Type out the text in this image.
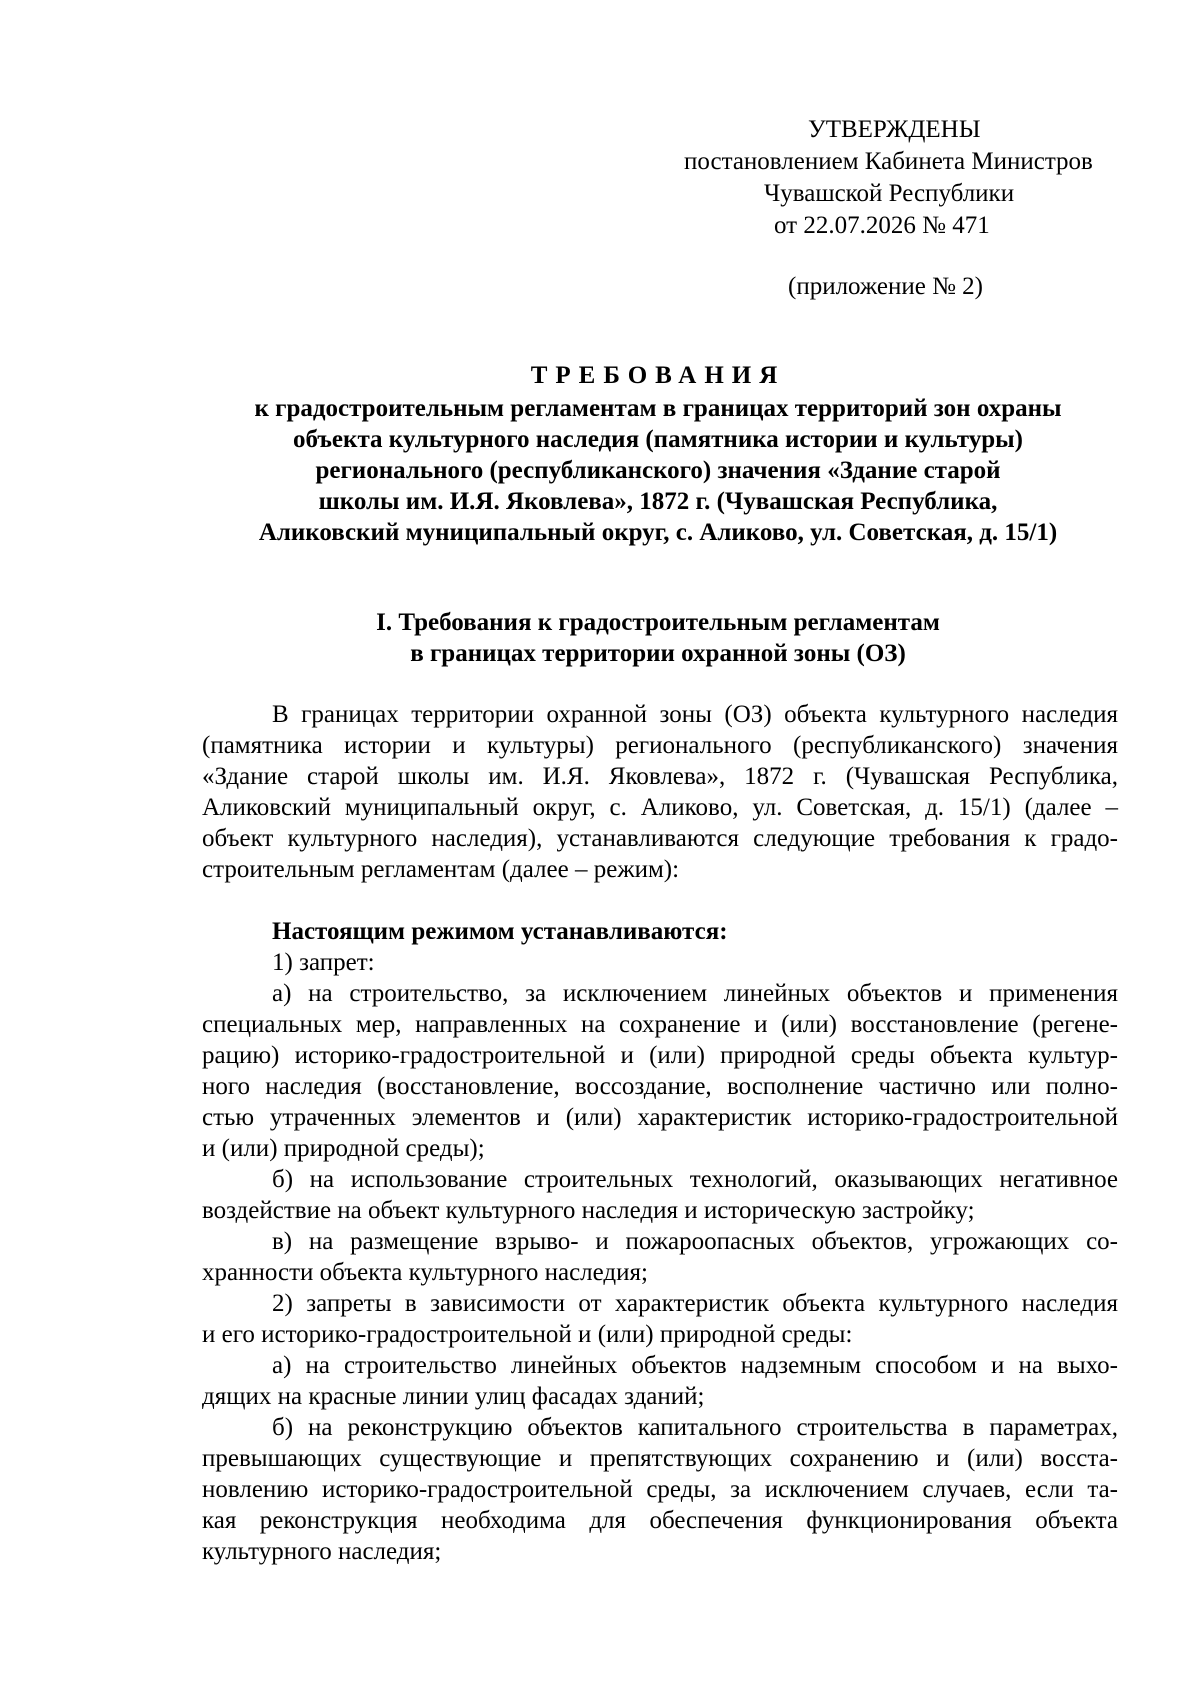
УТВЕРЖДЕНЫ
постановлением Кабинета Министров
Чувашской Республики
от 22.07.2026 № 471
(приложение № 2)
ТРЕБОВАНИЯ
к градостроительным регламентам в границах территорий зон охраны
объекта культурного наследия (памятника истории и культуры)
регионального (республиканского) значения «Здание старой
школы им. И.Я. Яковлева», 1872 г. (Чувашская Республика,
Аликовский муниципальный округ, с. Аликово, ул. Советская, д. 15/1)
I. Требования к градостроительным регламентам
в границах территории охранной зоны (ОЗ)
В границах территории охранной зоны (ОЗ) объекта культурного наследия
(памятника истории и культуры) регионального (республиканского) значения
«Здание старой школы им. И.Я. Яковлева», 1872 г. (Чувашская Республика,
Аликовский муниципальный округ, с. Аликово, ул. Советская, д. 15/1) (далее –
объект культурного наследия), устанавливаются следующие требования к градо-
строительным регламентам (далее – режим):
Настоящим режимом устанавливаются:
1) запрет:
а) на строительство, за исключением линейных объектов и применения
специальных мер, направленных на сохранение и (или) восстановление (регене-
рацию) историко-градостроительной и (или) природной среды объекта культур-
ного наследия (восстановление, воссоздание, восполнение частично или полно-
стью утраченных элементов и (или) характеристик историко-градостроительной
и (или) природной среды);
б) на использование строительных технологий, оказывающих негативное
воздействие на объект культурного наследия и историческую застройку;
в) на размещение взрыво- и пожароопасных объектов, угрожающих со-
хранности объекта культурного наследия;
2) запреты в зависимости от характеристик объекта культурного наследия
и его историко-градостроительной и (или) природной среды:
а) на строительство линейных объектов надземным способом и на выхо-
дящих на красные линии улиц фасадах зданий;
б) на реконструкцию объектов капитального строительства в параметрах,
превышающих существующие и препятствующих сохранению и (или) восста-
новлению историко-градостроительной среды, за исключением случаев, если та-
кая реконструкция необходима для обеспечения функционирования объекта
культурного наследия;
